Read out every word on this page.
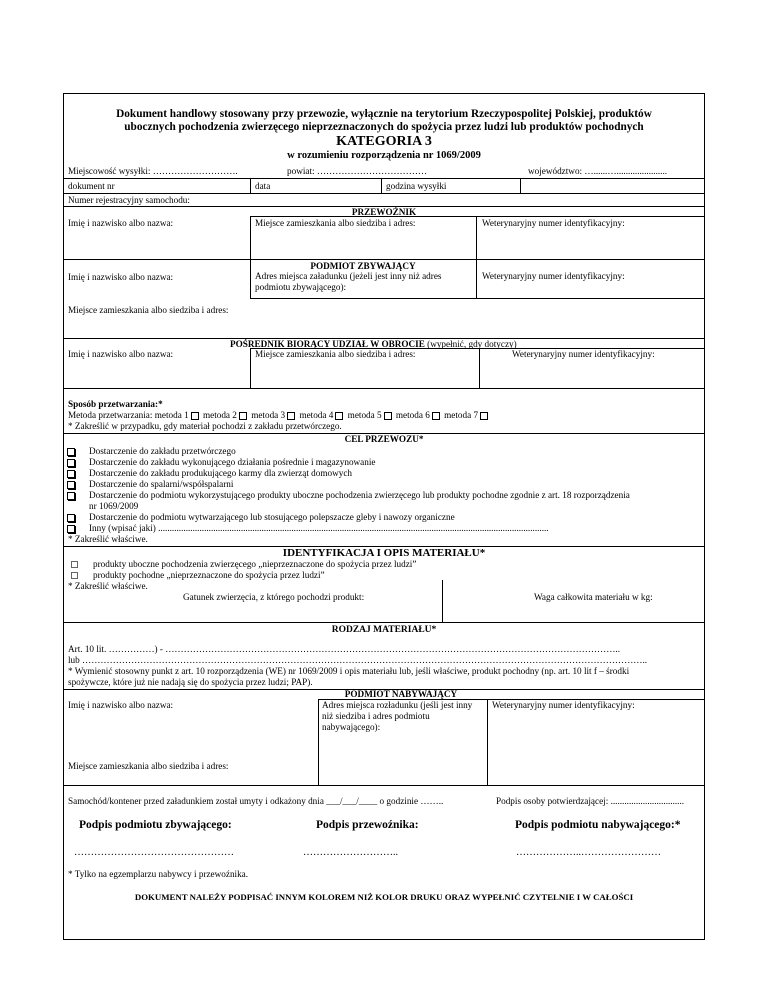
Dokument handlowy stosowany przy przewozie, wyłącznie na terytorium Rzeczypospolitej Polskiej, produktów
ubocznych pochodzenia zwierzęcego nieprzeznaczonych do spożycia przez ludzi lub produktów pochodnych
KATEGORIA 3
w rozumieniu rozporządzenia nr 1069/2009
Miejscowość wysyłki: ……………………….	powiat: ………………………………	województwo: …......…......................
dokument nr	data	godzina wysyłki
Numer rejestracyjny samochodu:
PRZEWOŹNIK
Imię i nazwisko albo nazwa:	Miejsce zamieszkania albo siedziba i adres:	Weterynaryjny numer identyfikacyjny:
PODMIOT ZBYWAJĄCY
Imię i nazwisko albo nazwa:	Adres miejsca załadunku (jeżeli jest inny niż adres
podmiotu zbywającego):
Weterynaryjny numer identyfikacyjny:
Miejsce zamieszkania albo siedziba i adres:
POŚREDNIK BIORĄCY UDZIAŁ W OBROCIE (wypełnić, gdy dotyczy)
Imię i nazwisko albo nazwa:	Miejsce zamieszkania albo siedziba i adres:	Weterynaryjny numer identyfikacyjny:
Sposób przetwarzania:*
Metoda przetwarzania: metoda 1 metoda 2 metoda 3 metoda 4 metoda 5 metoda 6 metoda 7
* Zakreślić w przypadku, gdy materiał pochodzi z zakładu przetwórczego.
CEL PRZEWOZU*
Dostarczenie do zakładu przetwórczego
Dostarczenie do zakładu wykonującego działania pośrednie i magazynowanie
Dostarczenie do zakładu produkującego karmy dla zwierząt domowych
Dostarczenie do spalarni/współspalarni
Dostarczenie do podmiotu wykorzystującego produkty uboczne pochodzenia zwierzęcego lub produkty pochodne zgodnie z art. 18 rozporządzenia
nr 1069/2009
Dostarczenie do podmiotu wytwarzającego lub stosującego polepszacze gleby i nawozy organiczne
Inny (wpisać jaki) ..........................................................................................................................................................................
* Zakreślić właściwe.
IDENTYFIKACJA I OPIS MATERIAŁU*
produkty uboczne pochodzenia zwierzęcego „nieprzeznaczone do spożycia przez ludzi”
produkty pochodne „nieprzeznaczone do spożycia przez ludzi”
* Zakreślić właściwe.
Gatunek zwierzęcia, z którego pochodzi produkt:	Waga całkowita materiału w kg:
RODZAJ MATERIAŁU*
Art. 10 lit. ……………) - …………………………………………………………………………………………………………………………………..
lub …………………………………………………………………………………………………………………………………………………………………..
* Wymienić stosowny punkt z art. 10 rozporządzenia (WE) nr 1069/2009 i opis materiału lub, jeśli właściwe, produkt pochodny (np. art. 10 lit f – środki
spożywcze, które już nie nadają się do spożycia przez ludzi; PAP).
PODMIOT NABYWAJĄCY
Imię i nazwisko albo nazwa:	Adres miejsca rozładunku (jeśli jest inny
niż siedziba i adres podmiotu
nabywającego):
Weterynaryjny numer identyfikacyjny:
Miejsce zamieszkania albo siedziba i adres:
Samochód/kontener przed załadunkiem został umyty i odkażony dnia ___/___/____ o godzinie ……..	Podpis osoby potwierdzającej: ................................
Podpis podmiotu zbywającego:	Podpis przewoźnika:	Podpis podmiotu nabywającego:*
…………………………………………	………………………..	………………..……………………
* Tylko na egzemplarzu nabywcy i przewoźnika.
DOKUMENT NALEŻY PODPISAĆ INNYM KOLOREM NIŻ KOLOR DRUKU ORAZ WYPEŁNIĆ CZYTELNIE I W CAŁOŚCI
